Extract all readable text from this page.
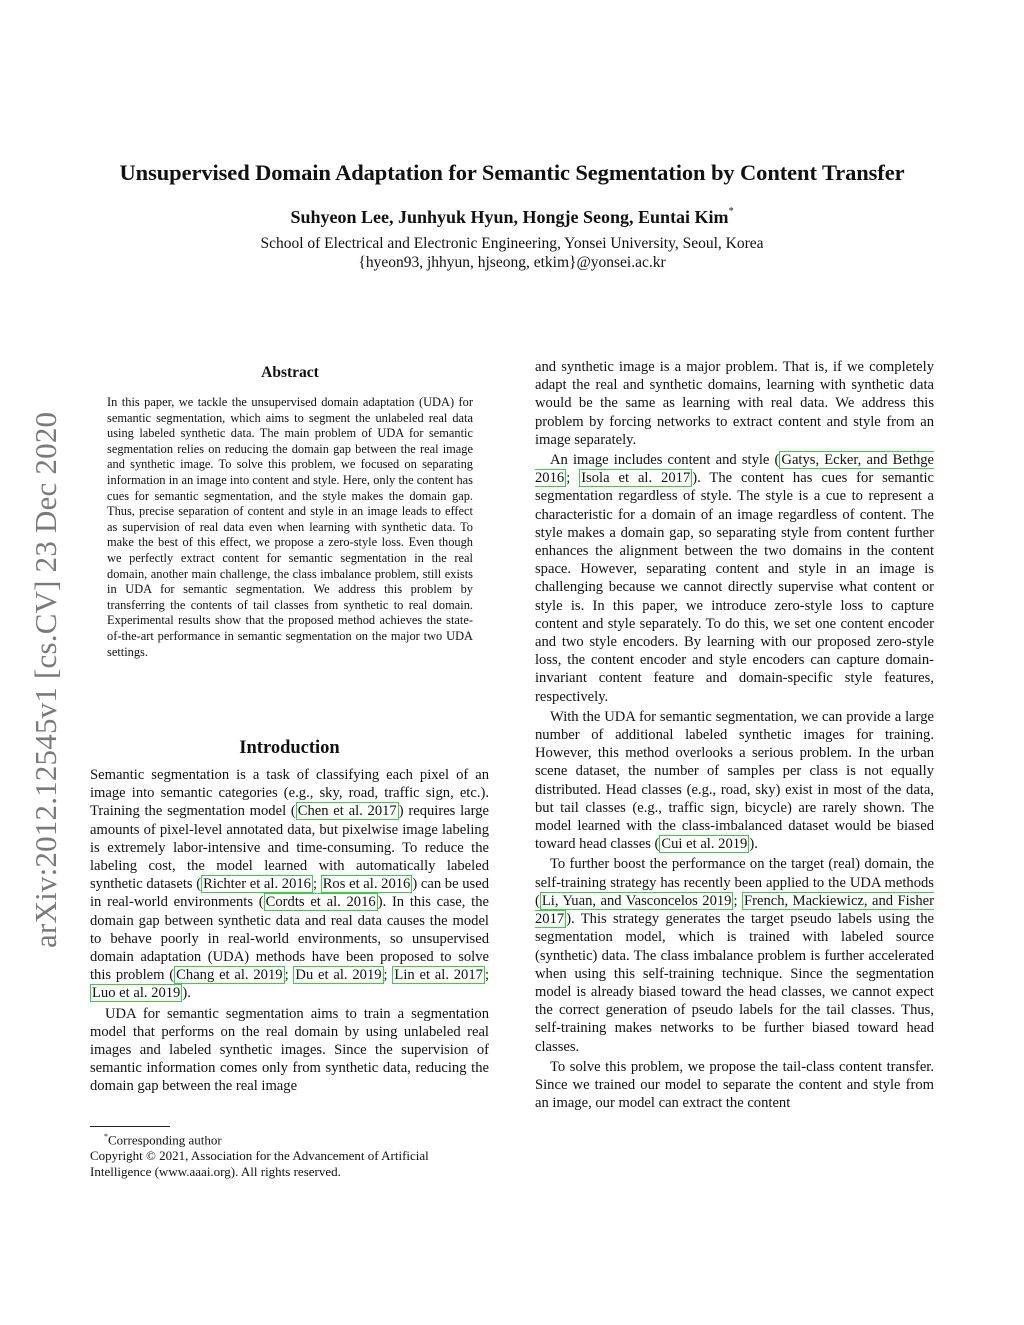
Unsupervised Domain Adaptation for Semantic Segmentation by Content Transfer
Suhyeon Lee, Junhyuk Hyun, Hongje Seong, Euntai Kim*
School of Electrical and Electronic Engineering, Yonsei University, Seoul, Korea
{hyeon93, jhhyun, hjseong, etkim}@yonsei.ac.kr
arXiv:2012.12545v1 [cs.CV] 23 Dec 2020
Abstract
In this paper, we tackle the unsupervised domain adaptation (UDA) for semantic segmentation, which aims to segment the unlabeled real data using labeled synthetic data. The main problem of UDA for semantic segmentation relies on reducing the domain gap between the real image and synthetic image. To solve this problem, we focused on separating information in an image into content and style. Here, only the content has cues for semantic segmentation, and the style makes the domain gap. Thus, precise separation of content and style in an image leads to effect as supervision of real data even when learning with synthetic data. To make the best of this effect, we propose a zero-style loss. Even though we perfectly extract content for semantic segmentation in the real domain, another main challenge, the class imbalance problem, still exists in UDA for semantic segmentation. We address this problem by transferring the contents of tail classes from synthetic to real domain. Experimental results show that the proposed method achieves the state-of-the-art performance in semantic segmentation on the major two UDA settings.
Introduction

Semantic segmentation is a task of classifying each pixel of an image into semantic categories (e.g., sky, road, traffic sign, etc.). Training the segmentation model ( Chen et al. 2017 ) requires large amounts of pixel-level annotated data, but pixelwise image labeling is extremely labor-intensive and time-consuming. To reduce the labeling cost, the model learned with automatically labeled synthetic datasets ( Richter et al. 2016 ; Ros et al. 2016 ) can be used in real-world environments ( Cordts et al. 2016 ). In this case, the domain gap between synthetic data and real data causes the model to behave poorly in real-world environments, so unsupervised domain adaptation (UDA) methods have been proposed to solve this problem ( Chang et al. 2019 ; Du et al. 2019 ; Lin et al. 2017 ; Luo et al. 2019 ).

UDA for semantic segmentation aims to train a segmentation model that performs on the real domain by using unlabeled real images and labeled synthetic images. Since the supervision of semantic information comes only from synthetic data, reducing the domain gap between the real image

*Corresponding author
Copyright © 2021, Association for the Advancement of Artificial Intelligence (www.aaai.org). All rights reserved.

and synthetic image is a major problem. That is, if we completely adapt the real and synthetic domains, learning with synthetic data would be the same as learning with real data. We address this problem by forcing networks to extract content and style from an image separately.

An image includes content and style ( Gatys, Ecker, and Bethge 2016 ; Isola et al. 2017 ). The content has cues for semantic segmentation regardless of style. The style is a cue to represent a characteristic for a domain of an image regardless of content. The style makes a domain gap, so separating style from content further enhances the alignment between the two domains in the content space. However, separating content and style in an image is challenging because we cannot directly supervise what content or style is. In this paper, we introduce zero-style loss to capture content and style separately. To do this, we set one content encoder and two style encoders. By learning with our proposed zero-style loss, the content encoder and style encoders can capture domain-invariant content feature and domain-specific style features, respectively.

With the UDA for semantic segmentation, we can provide a large number of additional labeled synthetic images for training. However, this method overlooks a serious problem. In the urban scene dataset, the number of samples per class is not equally distributed. Head classes (e.g., road, sky) exist in most of the data, but tail classes (e.g., traffic sign, bicycle) are rarely shown. The model learned with the class-imbalanced dataset would be biased toward head classes ( Cui et al. 2019 ).

To further boost the performance on the target (real) domain, the self-training strategy has recently been applied to the UDA methods ( Li, Yuan, and Vasconcelos 2019 ; French, Mackiewicz, and Fisher 2017 ). This strategy generates the target pseudo labels using the segmentation model, which is trained with labeled source (synthetic) data. The class imbalance problem is further accelerated when using this self-training technique. Since the segmentation model is already biased toward the head classes, we cannot expect the correct generation of pseudo labels for the tail classes. Thus, self-training makes networks to be further biased toward head classes.

To solve this problem, we propose the tail-class content transfer. Since we trained our model to separate the content and style from an image, our model can extract the content
